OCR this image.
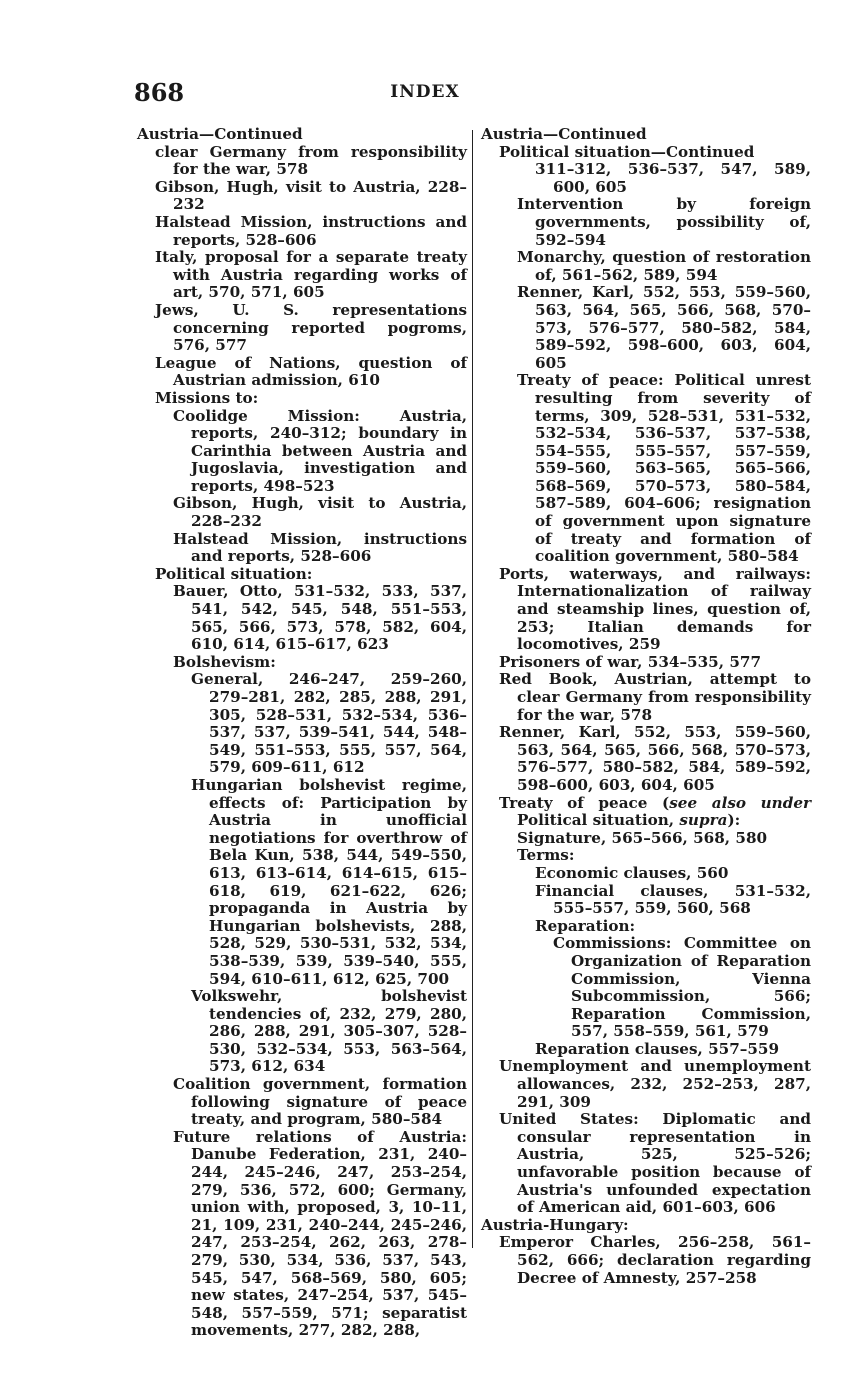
868	INDEX
Austria—Continued
clear Germany from responsibility for the war, 578
Gibson, Hugh, visit to Austria, 228–232
Halstead Mission, instructions and reports, 528–606
Italy, proposal for a separate treaty with Austria regarding works of art, 570, 571, 605
Jews, U. S. representations concerning reported pogroms, 576, 577
League of Nations, question of Austrian admission, 610
Missions to:
Coolidge Mission: Austria, reports, 240–312; boundary in Carinthia between Austria and Jugoslavia, investigation and reports, 498–523
Gibson, Hugh, visit to Austria, 228–232
Halstead Mission, instructions and reports, 528–606
Political situation:
Bauer, Otto, 531–532, 533, 537, 541, 542, 545, 548, 551–553, 565, 566, 573, 578, 582, 604, 610, 614, 615–617, 623
Bolshevism:
General, 246–247, 259–260, 279–281, 282, 285, 288, 291, 305, 528–531, 532–534, 536–537, 537, 539–541, 544, 548–549, 551–553, 555, 557, 564, 579, 609–611, 612
Hungarian bolshevist regime, effects of: Participation by Austria in unofficial negotiations for overthrow of Bela Kun, 538, 544, 549–550, 613, 613–614, 614–615, 615–618, 619, 621–622, 626; propaganda in Austria by Hungarian bolshevists, 288, 528, 529, 530–531, 532, 534, 538–539, 539, 539–540, 555, 594, 610–611, 612, 625, 700
Volkswehr, bolshevist tendencies of, 232, 279, 280, 286, 288, 291, 305–307, 528–530, 532–534, 553, 563–564, 573, 612, 634
Coalition government, formation following signature of peace treaty, and program, 580–584
Future relations of Austria: Danube Federation, 231, 240–244, 245–246, 247, 253–254, 279, 536, 572, 600; Germany, union with, proposed, 3, 10–11, 21, 109, 231, 240–244, 245–246, 247, 253–254, 262, 263, 278–279, 530, 534, 536, 537, 543, 545, 547, 568–569, 580, 605; new states, 247–254, 537, 545–548, 557–559, 571; separatist movements, 277, 282, 288,
Austria—Continued
Political situation—Continued
311–312, 536–537, 547, 589, 600, 605
Intervention by foreign governments, possibility of, 592–594
Monarchy, question of restoration of, 561–562, 589, 594
Renner, Karl, 552, 553, 559–560, 563, 564, 565, 566, 568, 570–573, 576–577, 580–582, 584, 589–592, 598–600, 603, 604, 605
Treaty of peace: Political unrest resulting from severity of terms, 309, 528–531, 531–532, 532–534, 536–537, 537–538, 554–555, 555–557, 557–559, 559–560, 563–565, 565–566, 568–569, 570–573, 580–584, 587–589, 604–606; resignation of government upon signature of treaty and formation of coalition government, 580–584
Ports, waterways, and railways: Internationalization of railway and steamship lines, question of, 253; Italian demands for locomotives, 259
Prisoners of war, 534–535, 577
Red Book, Austrian, attempt to clear Germany from responsibility for the war, 578
Renner, Karl, 552, 553, 559–560, 563, 564, 565, 566, 568, 570–573, 576–577, 580–582, 584, 589–592, 598–600, 603, 604, 605
Treaty of peace (see also under Political situation, supra):
Signature, 565–566, 568, 580
Terms:
Economic clauses, 560
Financial clauses, 531–532, 555–557, 559, 560, 568
Reparation:
Commissions: Committee on Organization of Reparation Commission, Vienna Subcommission, 566; Reparation Commission, 557, 558–559, 561, 579
Reparation clauses, 557–559
Unemployment and unemployment allowances, 232, 252–253, 287, 291, 309
United States: Diplomatic and consular representation in Austria, 525, 525–526; unfavorable position because of Austria's unfounded expectation of American aid, 601–603, 606
Austria-Hungary:
Emperor Charles, 256–258, 561–562, 666; declaration regarding Decree of Amnesty, 257–258
